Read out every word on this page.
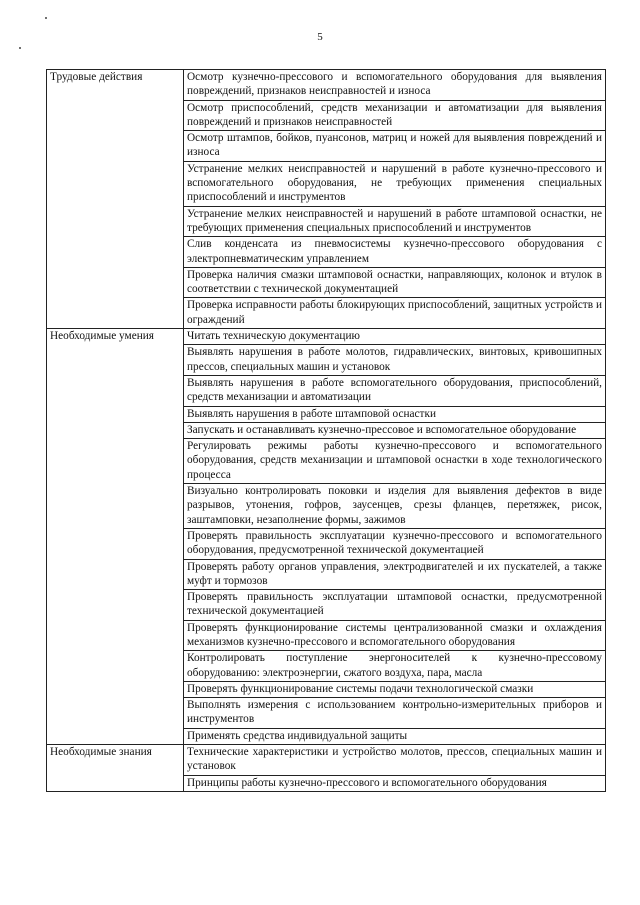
5
Трудовые действия	Осмотр кузнечно-прессового и вспомогательного оборудования для выявления повреждений, признаков неисправностей и износа
	Осмотр приспособлений, средств механизации и автоматизации для выявления повреждений и признаков неисправностей
	Осмотр штампов, бойков, пуансонов, матриц и ножей для выявления повреждений и износа
	Устранение мелких неисправностей и нарушений в работе кузнечно-прессового и вспомогательного оборудования, не требующих применения специальных приспособлений и инструментов
	Устранение мелких неисправностей и нарушений в работе штамповой оснастки, не требующих применения специальных приспособлений и инструментов
	Слив конденсата из пневмосистемы кузнечно-прессового оборудования с электропневматическим управлением
	Проверка наличия смазки штамповой оснастки, направляющих, колонок и втулок в соответствии с технической документацией
	Проверка исправности работы блокирующих приспособлений, защитных устройств и ограждений
Необходимые умения	Читать техническую документацию
	Выявлять нарушения в работе молотов, гидравлических, винтовых, кривошипных прессов, специальных машин и установок
	Выявлять нарушения в работе вспомогательного оборудования, приспособлений, средств механизации и автоматизации
	Выявлять нарушения в работе штамповой оснастки
	Запускать и останавливать кузнечно-прессовое и вспомогательное оборудование
	Регулировать режимы работы кузнечно-прессового и вспомогательного оборудования, средств механизации и штамповой оснастки в ходе технологического процесса
	Визуально контролировать поковки и изделия для выявления дефектов в виде разрывов, утонения, гофров, заусенцев, срезы фланцев, перетяжек, рисок, заштамповки, незаполнение формы, зажимов
	Проверять правильность эксплуатации кузнечно-прессового и вспомогательного оборудования, предусмотренной технической документацией
	Проверять работу органов управления, электродвигателей и их пускателей, а также муфт и тормозов
	Проверять правильность эксплуатации штамповой оснастки, предусмотренной технической документацией
	Проверять функционирование системы централизованной смазки и охлаждения механизмов кузнечно-прессового и вспомогательного оборудования
	Контролировать поступление энергоносителей к кузнечно-прессовому оборудованию: электроэнергии, сжатого воздуха, пара, масла
	Проверять функционирование системы подачи технологической смазки
	Выполнять измерения с использованием контрольно-измерительных приборов и инструментов
	Применять средства индивидуальной защиты
Необходимые знания	Технические характеристики и устройство молотов, прессов, специальных машин и установок
	Принципы работы кузнечно-прессового и вспомогательного оборудования
